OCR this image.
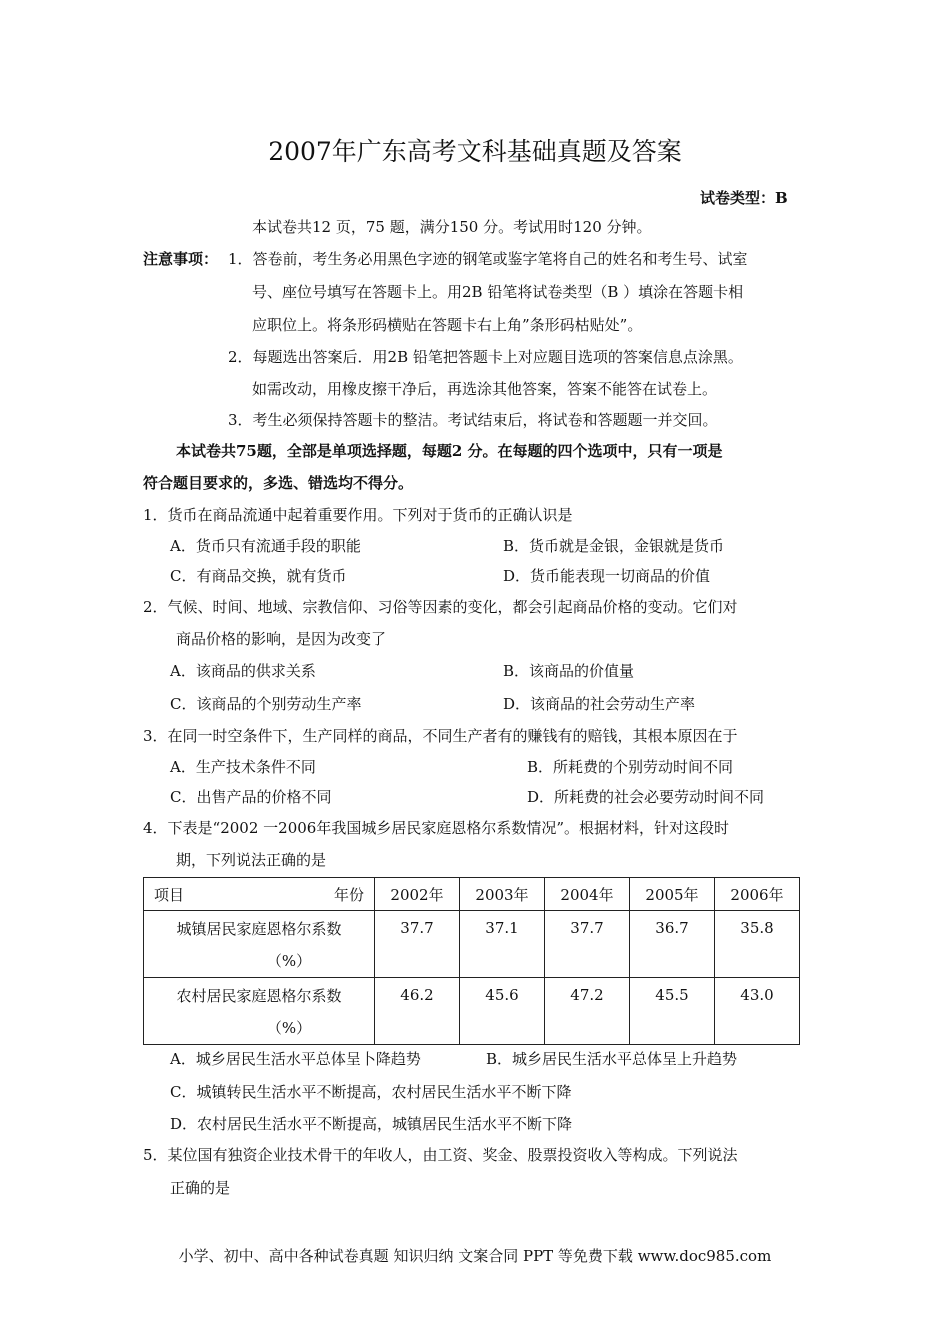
2007年广东高考文科基础真题及答案
试卷类型：B
本试卷共12 页，75 题，满分150 分。考试用时120 分钟。
注意事项： 1．答卷前，考生务必用黑色字迹的钢笔或鉴字笔将自己的姓名和考生号、试室
号、座位号填写在答题卡上。用2B 铅笔将试卷类型（B ）填涂在答题卡相
应职位上。将条形码横贴在答题卡右上角”条形码枯贴处”。
2．每题选出答案后．用2B 铅笔把答题卡上对应题目选项的答案信息点涂黑。
如需改动，用橡皮擦干净后，再选涂其他答案，答案不能答在试卷上。
3．考生必须保持答题卡的整洁。考试结束后，将试卷和答题题一并交回。
本试卷共75题，全部是单项选择题，每题2 分。在每题的四个选项中，只有一项是
符合题目要求的，多选、错选均不得分。
1．货币在商品流通中起着重要作用。下列对于货币的正确认识是
A．货币只有流通手段的职能	B．货币就是金银，金银就是货币
C．有商品交换，就有货币	D．货币能表现一切商品的价值
2．气候、时间、地域、宗教信仰、习俗等因素的变化，都会引起商品价格的变动。它们对
商品价格的影响，是因为改变了
A．该商品的供求关系	B．该商品的价值量
C．该商品的个别劳动生产率	D．该商品的社会劳动生产率
3．在同一时空条件下，生产同样的商品，不同生产者有的赚钱有的赔钱，其根本原因在于
A．生产技术条件不同	B．所耗费的个别劳动时间不同
C．出售产品的价格不同	D．所耗费的社会必要劳动时间不同
4．下表是“2002 一2006年我国城乡居民家庭恩格尔系数情况”。根据材料，针对这段时
期，下列说法正确的是
项目 年份	2002年	2003年	2004年	2005年	2006年

城镇居民家庭恩格尔系数
（%）	37.7	37.1	37.7	36.7	35.8

农村居民家庭恩格尔系数
（%）	46.2	45.6	47.2	45.5	43.0
A．城乡居民生活水平总体呈卜降趋势	B．城乡居民生活水平总体呈上升趋势
C．城镇转民生活水平不断提高，农村居民生活水平不断下降
D．农村居民生活水平不断提高，城镇居民生活水平不断下降
5．某位国有独资企业技术骨干的年收人，由工资、奖金、股票投资收入等构成。下列说法
正确的是
小学、初中、高中各种试卷真题 知识归纳 文案合同 PPT 等免费下载 www.doc985.com
